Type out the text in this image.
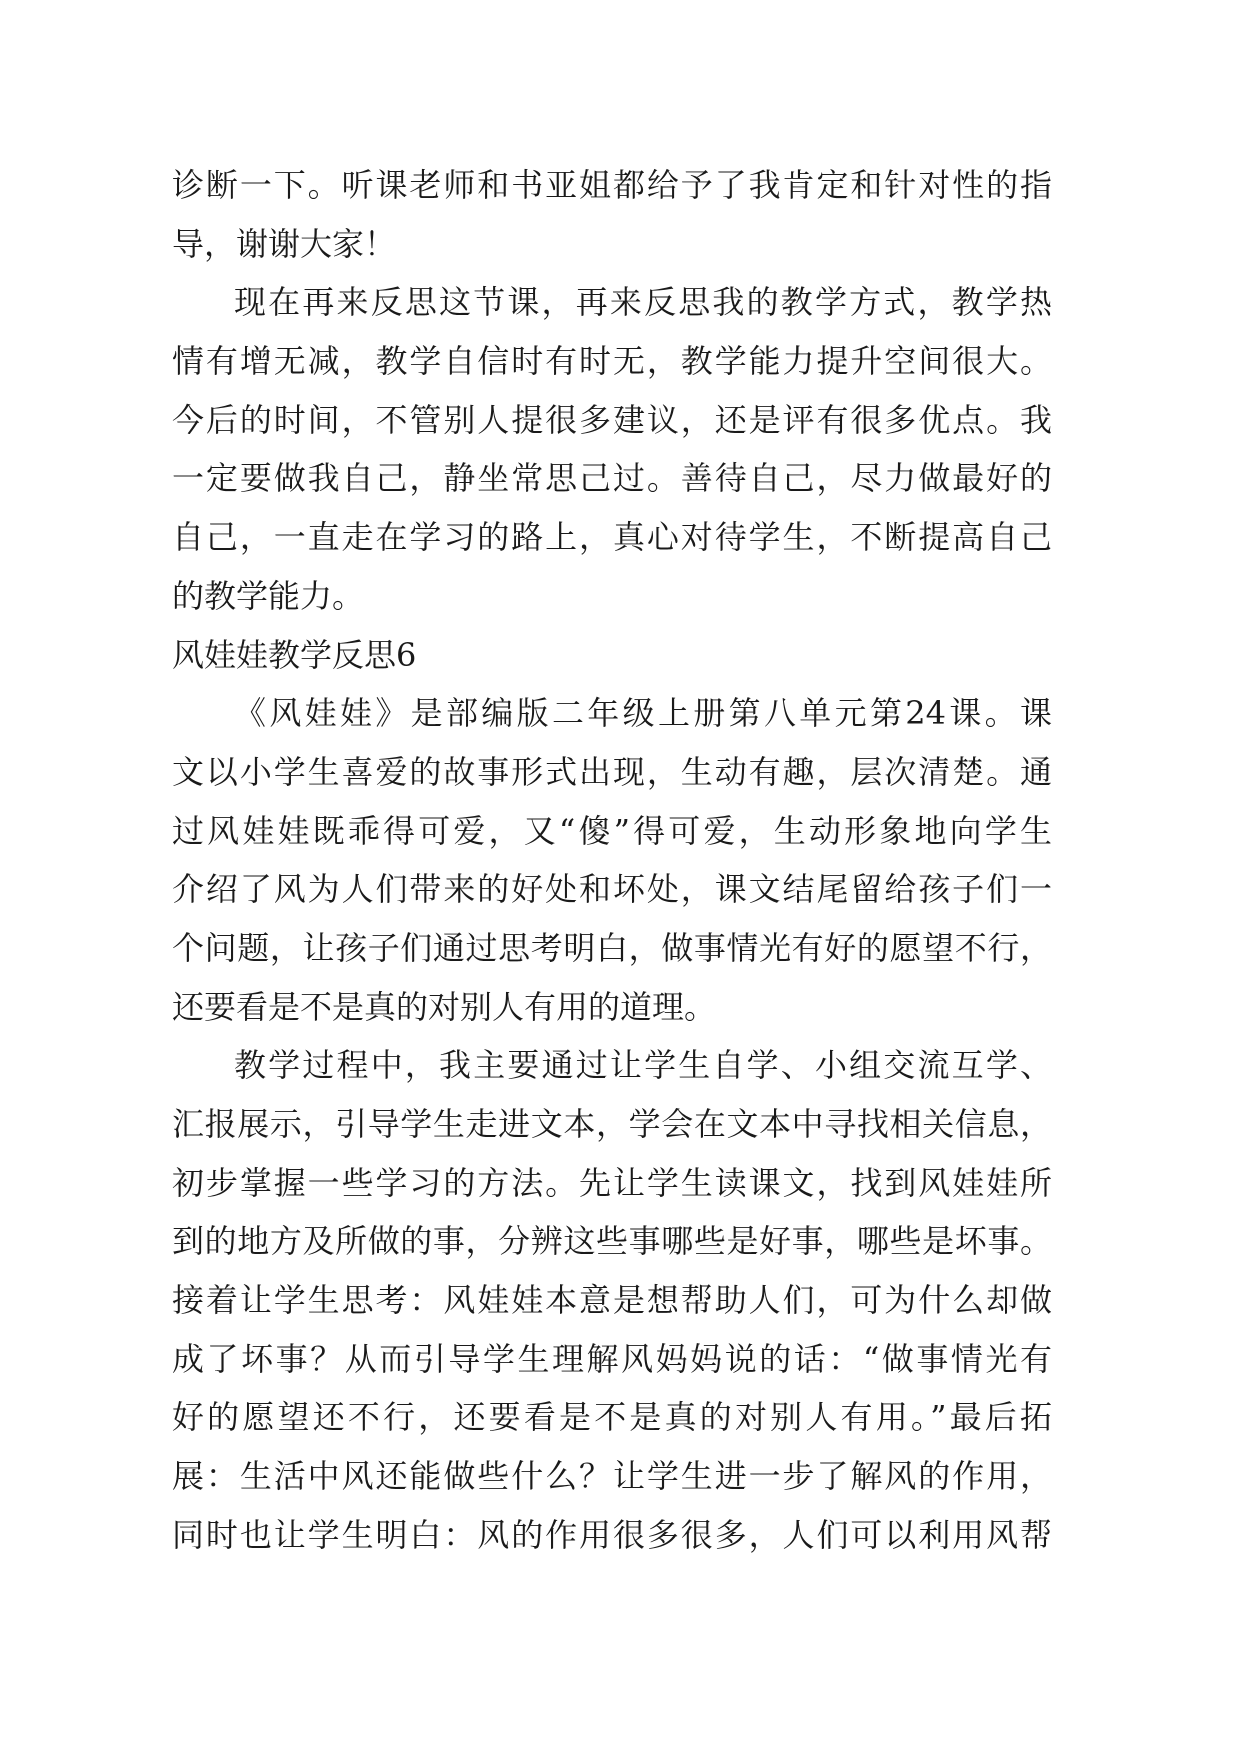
诊断一下。听课老师和书亚姐都给予了我肯定和针对性的指
导，谢谢大家！
现在再来反思这节课，再来反思我的教学方式，教学热
情有增无减，教学自信时有时无，教学能力提升空间很大。
今后的时间，不管别人提很多建议，还是评有很多优点。我
一定要做我自己，静坐常思己过。善待自己，尽力做最好的
自己，一直走在学习的路上，真心对待学生，不断提高自己
的教学能力。
风娃娃教学反思6
《风娃娃》是部编版二年级上册第八单元第24课。课
文以小学生喜爱的故事形式出现，生动有趣，层次清楚。通
过风娃娃既乖得可爱，又“傻”得可爱，生动形象地向学生
介绍了风为人们带来的好处和坏处，课文结尾留给孩子们一
个问题，让孩子们通过思考明白，做事情光有好的愿望不行，
还要看是不是真的对别人有用的道理。
教学过程中，我主要通过让学生自学、小组交流互学、
汇报展示，引导学生走进文本，学会在文本中寻找相关信息，
初步掌握一些学习的方法。先让学生读课文，找到风娃娃所
到的地方及所做的事，分辨这些事哪些是好事，哪些是坏事。
接着让学生思考：风娃娃本意是想帮助人们，可为什么却做
成了坏事？从而引导学生理解风妈妈说的话：“做事情光有
好的愿望还不行，还要看是不是真的对别人有用。”最后拓
展：生活中风还能做些什么？让学生进一步了解风的作用，
同时也让学生明白：风的作用很多很多，人们可以利用风帮
